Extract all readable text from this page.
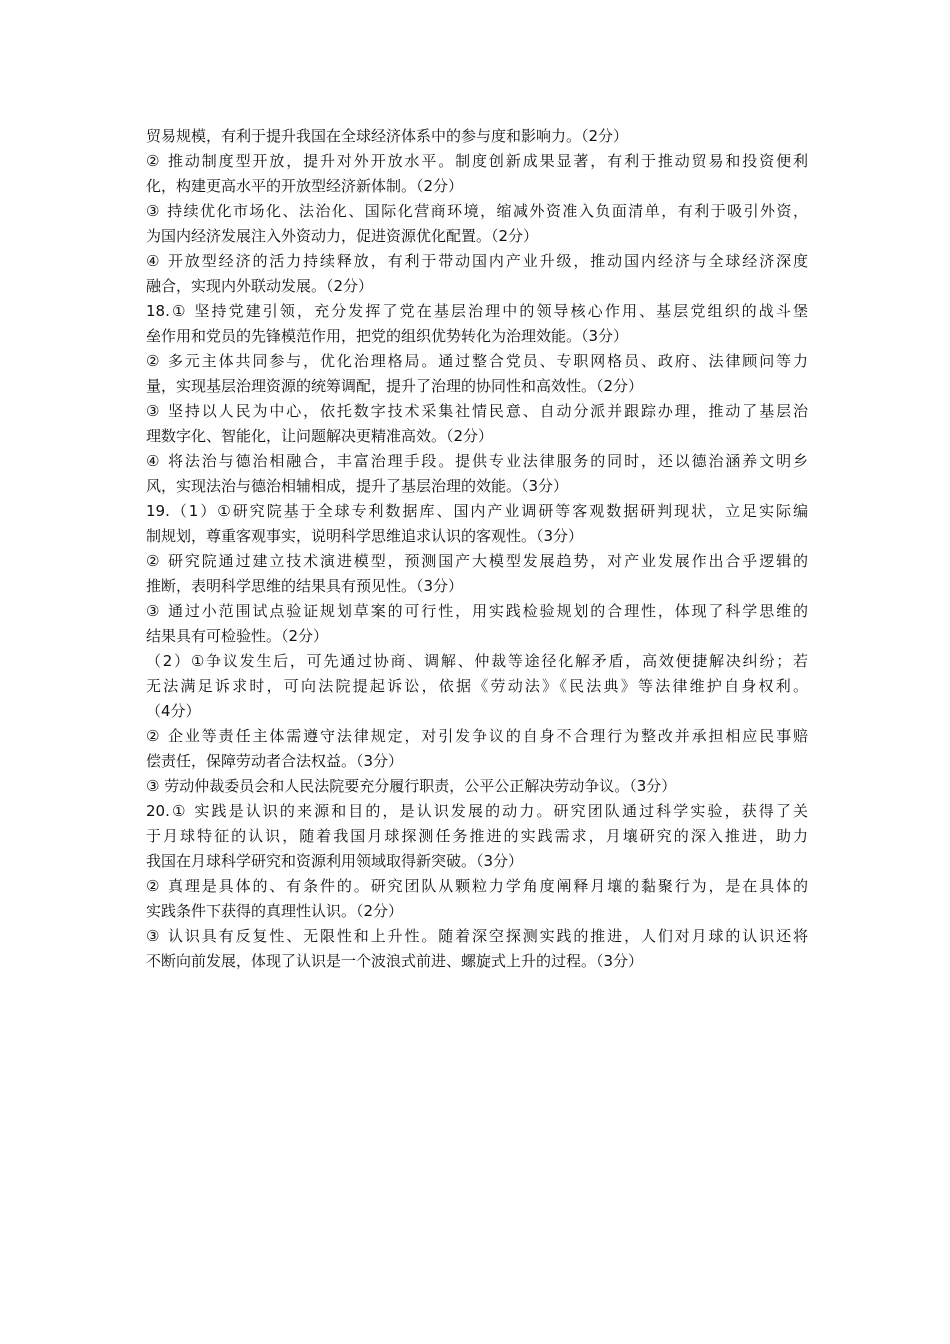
贸易规模，有利于提升我国在全球经济体系中的参与度和影响力。（2分）
② 推动制度型开放，提升对外开放水平。制度创新成果显著，有利于推动贸易和投资便利
化，构建更高水平的开放型经济新体制。（2分）
③ 持续优化市场化、法治化、国际化营商环境，缩减外资准入负面清单，有利于吸引外资，
为国内经济发展注入外资动力，促进资源优化配置。（2分）
④ 开放型经济的活力持续释放，有利于带动国内产业升级，推动国内经济与全球经济深度
融合，实现内外联动发展。（2分）
18.① 坚持党建引领，充分发挥了党在基层治理中的领导核心作用、基层党组织的战斗堡
垒作用和党员的先锋模范作用，把党的组织优势转化为治理效能。（3分）
② 多元主体共同参与，优化治理格局。通过整合党员、专职网格员、政府、法律顾问等力
量，实现基层治理资源的统筹调配，提升了治理的协同性和高效性。（2分）
③ 坚持以人民为中心，依托数字技术采集社情民意、自动分派并跟踪办理，推动了基层治
理数字化、智能化，让问题解决更精准高效。（2分）
④ 将法治与德治相融合，丰富治理手段。提供专业法律服务的同时，还以德治涵养文明乡
风，实现法治与德治相辅相成，提升了基层治理的效能。（3分）
19.（1）①研究院基于全球专利数据库、国内产业调研等客观数据研判现状，立足实际编
制规划，尊重客观事实，说明科学思维追求认识的客观性。（3分）
② 研究院通过建立技术演进模型，预测国产大模型发展趋势，对产业发展作出合乎逻辑的
推断，表明科学思维的结果具有预见性。（3分）
③ 通过小范围试点验证规划草案的可行性，用实践检验规划的合理性，体现了科学思维的
结果具有可检验性。（2分）
（2）①争议发生后，可先通过协商、调解、仲裁等途径化解矛盾，高效便捷解决纠纷；若
无法满足诉求时，可向法院提起诉讼，依据《劳动法》《民法典》等法律维护自身权利。
（4分）
② 企业等责任主体需遵守法律规定，对引发争议的自身不合理行为整改并承担相应民事赔
偿责任，保障劳动者合法权益。（3分）
③ 劳动仲裁委员会和人民法院要充分履行职责，公平公正解决劳动争议。（3分）
20.① 实践是认识的来源和目的，是认识发展的动力。研究团队通过科学实验，获得了关
于月球特征的认识，随着我国月球探测任务推进的实践需求，月壤研究的深入推进，助力
我国在月球科学研究和资源利用领域取得新突破。（3分）
② 真理是具体的、有条件的。研究团队从颗粒力学角度阐释月壤的黏聚行为，是在具体的
实践条件下获得的真理性认识。（2分）
③ 认识具有反复性、无限性和上升性。随着深空探测实践的推进，人们对月球的认识还将
不断向前发展，体现了认识是一个波浪式前进、螺旋式上升的过程。（3分）
